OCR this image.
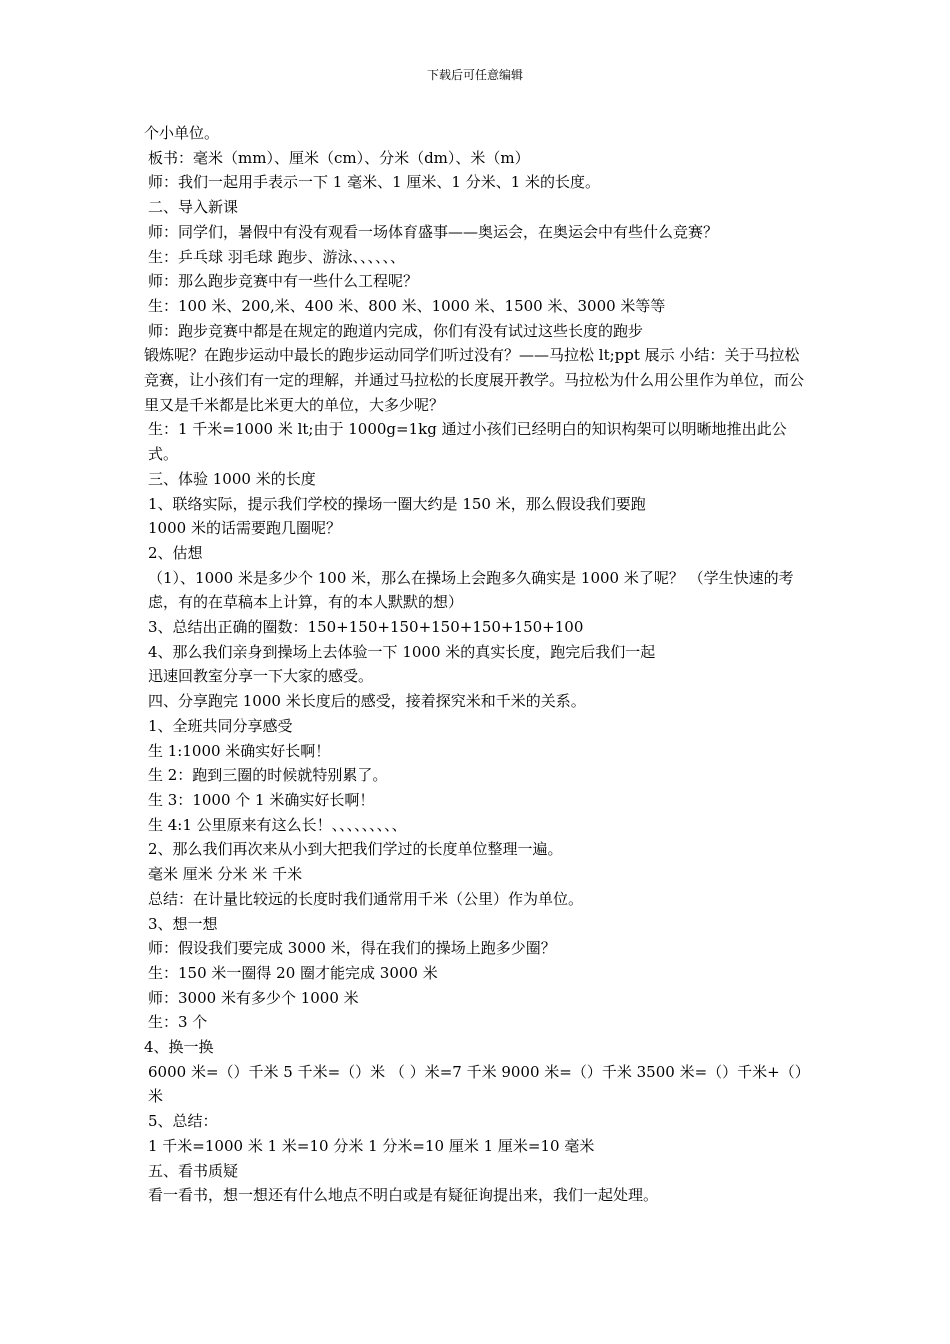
下载后可任意编辑
个小单位。
板书：毫米（mm）、厘米（cm）、分米（dm）、米（m）
师：我们一起用手表示一下 1 毫米、1 厘米、1 分米、1 米的长度。
二、导入新课
师：同学们，暑假中有没有观看一场体育盛事——奥运会，在奥运会中有些什么竞赛？
生：乒乓球 羽毛球 跑步、游泳、、、、、、
师：那么跑步竞赛中有一些什么工程呢？
生：100 米、200,米、400 米、800 米、1000 米、1500 米、3000 米等等
师：跑步竞赛中都是在规定的跑道内完成，你们有没有试过这些长度的跑步
锻炼呢？在跑步运动中最长的跑步运动同学们听过没有？——马拉松 lt;ppt 展示 小结：关于马拉松竞赛，让小孩们有一定的理解，并通过马拉松的长度展开教学。马拉松为什么用公里作为单位，而公里又是千米都是比米更大的单位，大多少呢？
生：1 千米=1000 米 lt;由于 1000g=1kg 通过小孩们已经明白的知识构架可以明晰地推出此公式。
三、体验 1000 米的长度
1、联络实际，提示我们学校的操场一圈大约是 150 米，那么假设我们要跑
1000 米的话需要跑几圈呢？
2、估想
（1）、1000 米是多少个 100 米，那么在操场上会跑多久确实是 1000 米了呢？ （学生快速的考虑，有的在草稿本上计算，有的本人默默的想）
3、总结出正确的圈数：150+150+150+150+150+150+100
4、那么我们亲身到操场上去体验一下 1000 米的真实长度，跑完后我们一起
迅速回教室分享一下大家的感受。
四、分享跑完 1000 米长度后的感受，接着探究米和千米的关系。
1、全班共同分享感受
生 1:1000 米确实好长啊！
生 2：跑到三圈的时候就特别累了。
生 3：1000 个 1 米确实好长啊！
生 4:1 公里原来有这么长！、、、、、、、、、
2、那么我们再次来从小到大把我们学过的长度单位整理一遍。
毫米 厘米 分米 米 千米
总结：在计量比较远的长度时我们通常用千米（公里）作为单位。
3、想一想
师：假设我们要完成 3000 米，得在我们的操场上跑多少圈？
生：150 米一圈得 20 圈才能完成 3000 米
师：3000 米有多少个 1000 米
生：3 个
4、换一换
6000 米=（）千米 5 千米=（）米 （ ）米=7 千米 9000 米=（）千米 3500 米=（）千米+（）米
5、总结：
1 千米=1000 米 1 米=10 分米 1 分米=10 厘米 1 厘米=10 毫米
五、看书质疑
看一看书，想一想还有什么地点不明白或是有疑征询提出来，我们一起处理。
